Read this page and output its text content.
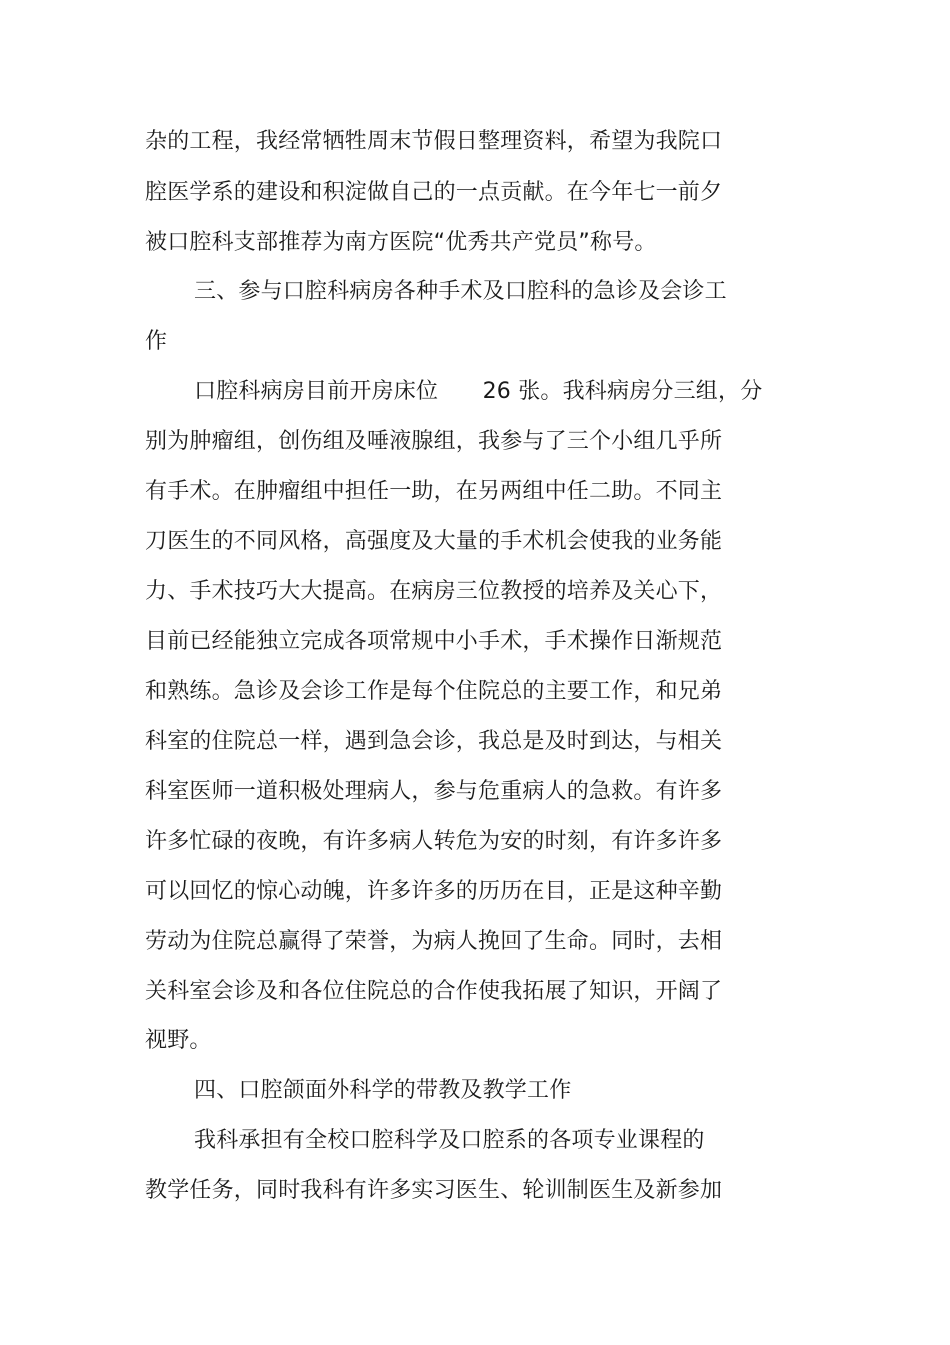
杂的工程，我经常牺牲周末节假日整理资料，希望为我院口
腔医学系的建设和积淀做自己的一点贡献。在今年七一前夕
被口腔科支部推荐为南方医院“优秀共产党员”称号。
三、参与口腔科病房各种手术及口腔科的急诊及会诊工
作
口腔科病房目前开房床位　　26 张。我科病房分三组，分
别为肿瘤组，创伤组及唾液腺组，我参与了三个小组几乎所
有手术。在肿瘤组中担任一助，在另两组中任二助。不同主
刀医生的不同风格，高强度及大量的手术机会使我的业务能
力、手术技巧大大提高。在病房三位教授的培养及关心下，
目前已经能独立完成各项常规中小手术，手术操作日渐规范
和熟练。急诊及会诊工作是每个住院总的主要工作，和兄弟
科室的住院总一样，遇到急会诊，我总是及时到达，与相关
科室医师一道积极处理病人，参与危重病人的急救。有许多
许多忙碌的夜晚，有许多病人转危为安的时刻，有许多许多
可以回忆的惊心动魄，许多许多的历历在目，正是这种辛勤
劳动为住院总赢得了荣誉，为病人挽回了生命。同时，去相
关科室会诊及和各位住院总的合作使我拓展了知识，开阔了
视野。
四、口腔颌面外科学的带教及教学工作
我科承担有全校口腔科学及口腔系的各项专业课程的
教学任务，同时我科有许多实习医生、轮训制医生及新参加
